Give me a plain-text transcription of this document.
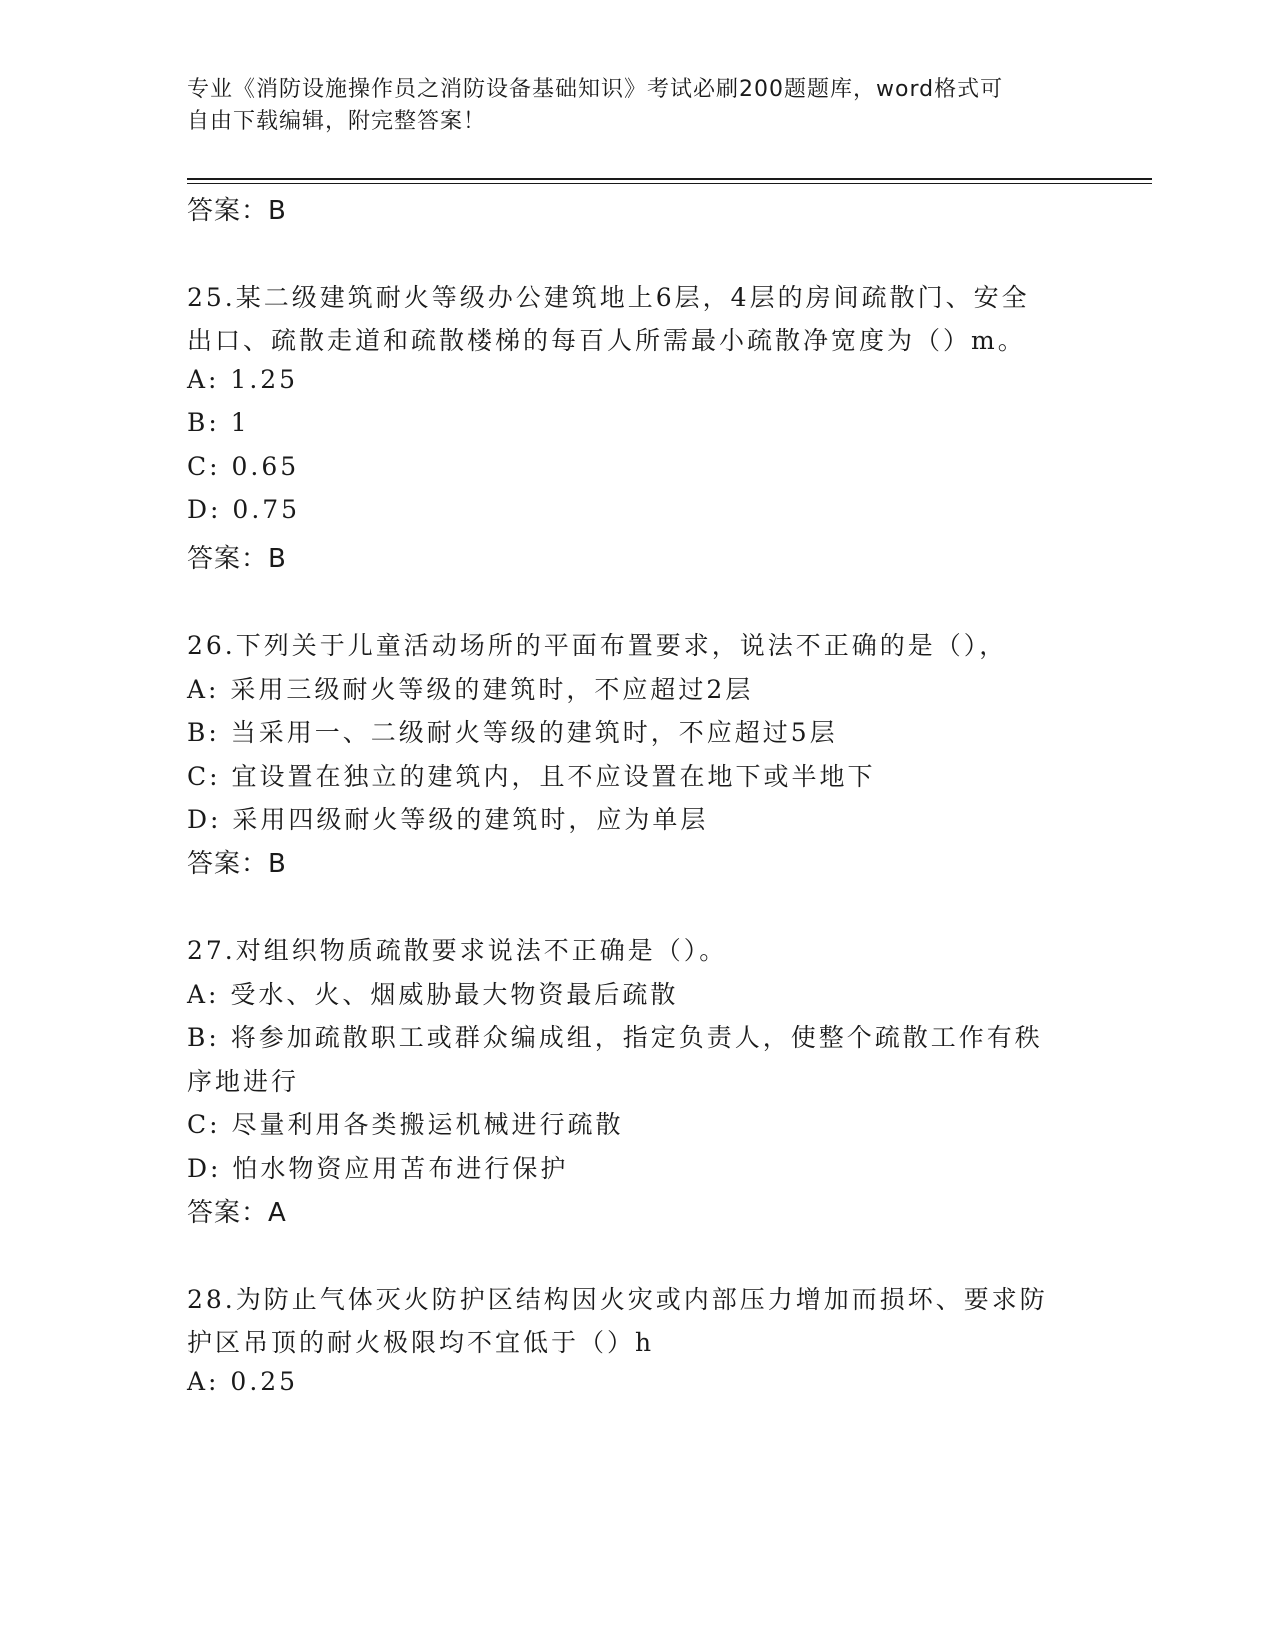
专业《消防设施操作员之消防设备基础知识》考试必刷200题题库，word格式可
自由下载编辑，附完整答案！
答案：B
25.某二级建筑耐火等级办公建筑地上6层，4层的房间疏散门、安全
出口、疏散走道和疏散楼梯的每百人所需最小疏散净宽度为（）m。
A: 1.25
B: 1
C: 0.65
D: 0.75
答案：B
26.下列关于儿童活动场所的平面布置要求，说法不正确的是（），
A: 采用三级耐火等级的建筑时，不应超过2层
B: 当采用一、二级耐火等级的建筑时，不应超过5层
C: 宜设置在独立的建筑内，且不应设置在地下或半地下
D: 采用四级耐火等级的建筑时，应为单层
答案：B
27.对组织物质疏散要求说法不正确是（）。
A: 受水、火、烟威胁最大物资最后疏散
B: 将参加疏散职工或群众编成组，指定负责人，使整个疏散工作有秩
序地进行
C: 尽量利用各类搬运机械进行疏散
D: 怕水物资应用苫布进行保护
答案：A
28.为防止气体灭火防护区结构因火灾或内部压力增加而损坏、要求防
护区吊顶的耐火极限均不宜低于（）h
A: 0.25
